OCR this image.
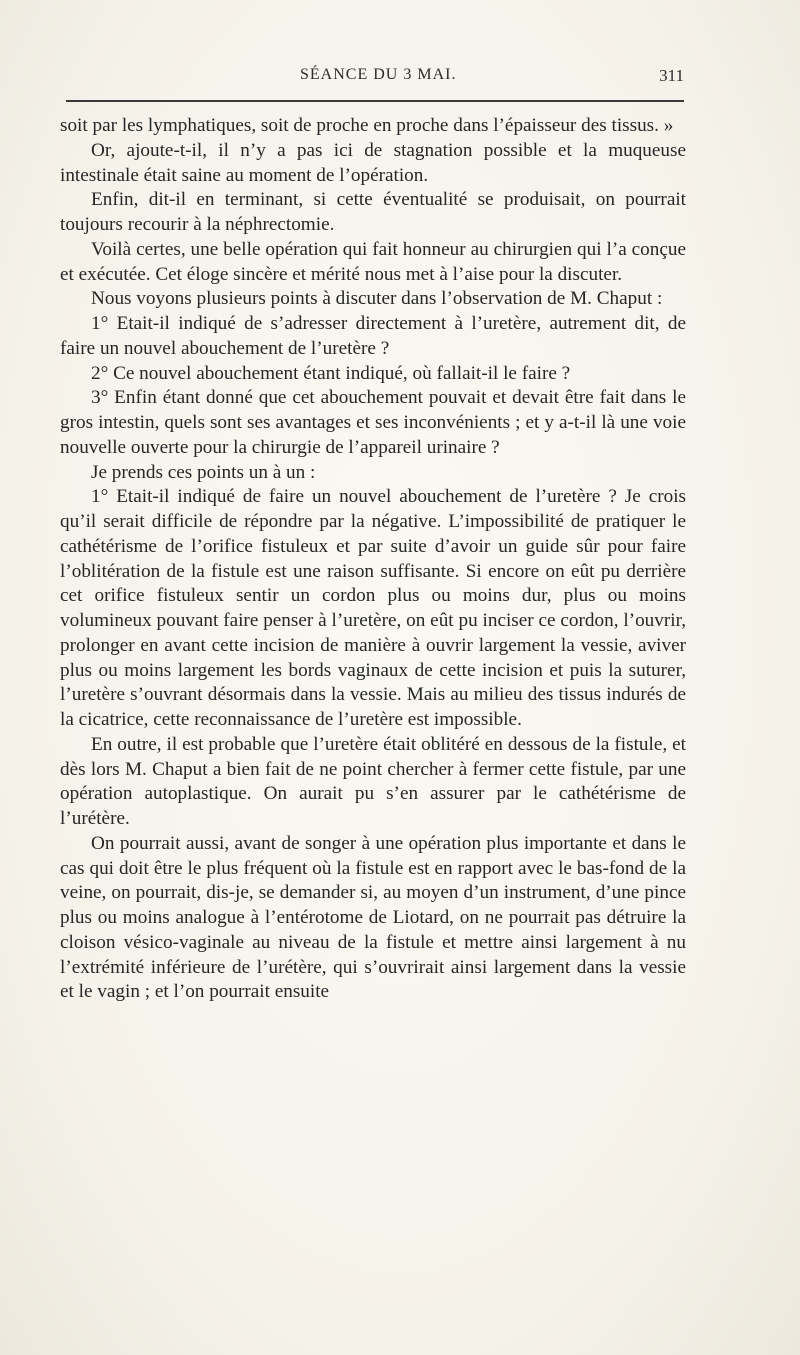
SÉANCE DU 3 MAI.	311

soit par les lymphatiques, soit de proche en proche dans l’épaisseur des tissus. »

Or, ajoute-t-il, il n’y a pas ici de stagnation possible et la muqueuse intestinale était saine au moment de l’opération.

Enfin, dit-il en terminant, si cette éventualité se produisait, on pourrait toujours recourir à la néphrectomie.

Voilà certes, une belle opération qui fait honneur au chirurgien qui l’a conçue et exécutée. Cet éloge sincère et mérité nous met à l’aise pour la discuter.

Nous voyons plusieurs points à discuter dans l’observation de M. Chaput :

1° Etait-il indiqué de s’adresser directement à l’uretère, autrement dit, de faire un nouvel abouchement de l’uretère ?

2° Ce nouvel abouchement étant indiqué, où fallait-il le faire ?

3° Enfin étant donné que cet abouchement pouvait et devait être fait dans le gros intestin, quels sont ses avantages et ses inconvénients ; et y a-t-il là une voie nouvelle ouverte pour la chirurgie de l’appareil urinaire ?

Je prends ces points un à un :

1° Etait-il indiqué de faire un nouvel abouchement de l’uretère ? Je crois qu’il serait difficile de répondre par la négative. L’impossibilité de pratiquer le cathétérisme de l’orifice fistuleux et par suite d’avoir un guide sûr pour faire l’oblitération de la fistule est une raison suffisante. Si encore on eût pu derrière cet orifice fistuleux sentir un cordon plus ou moins dur, plus ou moins volumineux pouvant faire penser à l’uretère, on eût pu inciser ce cordon, l’ouvrir, prolonger en avant cette incision de manière à ouvrir largement la vessie, aviver plus ou moins largement les bords vaginaux de cette incision et puis la suturer, l’uretère s’ouvrant désormais dans la vessie. Mais au milieu des tissus indurés de la cicatrice, cette reconnaissance de l’uretère est impossible.

En outre, il est probable que l’uretère était oblitéré en dessous de la fistule, et dès lors M. Chaput a bien fait de ne point chercher à fermer cette fistule, par une opération autoplastique. On aurait pu s’en assurer par le cathétérisme de l’urétère.

On pourrait aussi, avant de songer à une opération plus importante et dans le cas qui doit être le plus fréquent où la fistule est en rapport avec le bas-fond de la veine, on pourrait, dis-je, se demander si, au moyen d’un instrument, d’une pince plus ou moins analogue à l’entérotome de Liotard, on ne pourrait pas détruire la cloison vésico-vaginale au niveau de la fistule et mettre ainsi largement à nu l’extrémité inférieure de l’urétère, qui s’ouvrirait ainsi largement dans la vessie et le vagin ; et l’on pourrait ensuite
